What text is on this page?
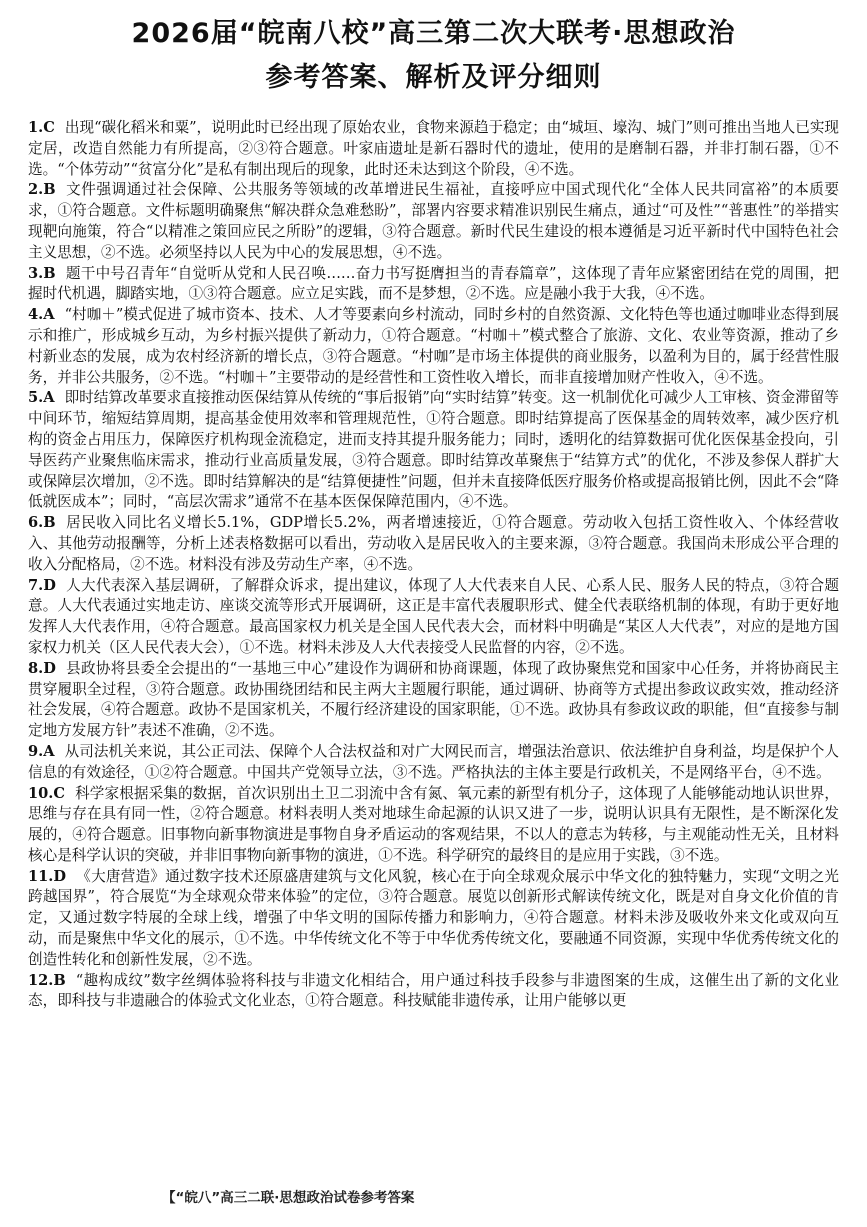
2026届“皖南八校”高三第二次大联考·思想政治
参考答案、解析及评分细则

1.C 出现“碳化稻米和粟”，说明此时已经出现了原始农业，食物来源趋于稳定；由“城垣、壕沟、城门”则可推出当地人已实现定居，改造自然能力有所提高，②③符合题意。叶家庙遗址是新石器时代的遗址，使用的是磨制石器，并非打制石器，①不选。“个体劳动”“贫富分化”是私有制出现后的现象，此时还未达到这个阶段，④不选。

2.B 文件强调通过社会保障、公共服务等领域的改革增进民生福祉，直接呼应中国式现代化“全体人民共同富裕”的本质要求，①符合题意。文件标题明确聚焦“解决群众急难愁盼”，部署内容要求精准识别民生痛点，通过“可及性”“普惠性”的举措实现靶向施策，符合“以精准之策回应民之所盼”的逻辑，③符合题意。新时代民生建设的根本遵循是习近平新时代中国特色社会主义思想，②不选。必须坚持以人民为中心的发展思想，④不选。

3.B 题干中号召青年“自觉听从党和人民召唤……奋力书写挺膺担当的青春篇章”，这体现了青年应紧密团结在党的周围，把握时代机遇，脚踏实地，①③符合题意。应立足实践，而不是梦想，②不选。应是融小我于大我，④不选。

4.A “村咖＋”模式促进了城市资本、技术、人才等要素向乡村流动，同时乡村的自然资源、文化特色等也通过咖啡业态得到展示和推广，形成城乡互动，为乡村振兴提供了新动力，①符合题意。“村咖＋”模式整合了旅游、文化、农业等资源，推动了乡村新业态的发展，成为农村经济新的增长点，③符合题意。“村咖”是市场主体提供的商业服务，以盈利为目的，属于经营性服务，并非公共服务，②不选。“村咖＋”主要带动的是经营性和工资性收入增长，而非直接增加财产性收入，④不选。

5.A 即时结算改革要求直接推动医保结算从传统的“事后报销”向“实时结算”转变。这一机制优化可减少人工审核、资金滞留等中间环节，缩短结算周期，提高基金使用效率和管理规范性，①符合题意。即时结算提高了医保基金的周转效率，减少医疗机构的资金占用压力，保障医疗机构现金流稳定，进而支持其提升服务能力；同时，透明化的结算数据可优化医保基金投向，引导医药产业聚焦临床需求，推动行业高质量发展，③符合题意。即时结算改革聚焦于“结算方式”的优化，不涉及参保人群扩大或保障层次增加，②不选。即时结算解决的是“结算便捷性”问题，但并未直接降低医疗服务价格或提高报销比例，因此不会“降低就医成本”；同时，“高层次需求”通常不在基本医保保障范围内，④不选。

6.B 居民收入同比名义增长5.1%，GDP增长5.2%，两者增速接近，①符合题意。劳动收入包括工资性收入、个体经营收入、其他劳动报酬等，分析上述表格数据可以看出，劳动收入是居民收入的主要来源，③符合题意。我国尚未形成公平合理的收入分配格局，②不选。材料没有涉及劳动生产率，④不选。

7.D 人大代表深入基层调研，了解群众诉求，提出建议，体现了人大代表来自人民、心系人民、服务人民的特点，③符合题意。人大代表通过实地走访、座谈交流等形式开展调研，这正是丰富代表履职形式、健全代表联络机制的体现，有助于更好地发挥人大代表作用，④符合题意。最高国家权力机关是全国人民代表大会，而材料中明确是“某区人大代表”，对应的是地方国家权力机关（区人民代表大会），①不选。材料未涉及人大代表接受人民监督的内容，②不选。

8.D 县政协将县委全会提出的“一基地三中心”建设作为调研和协商课题，体现了政协聚焦党和国家中心任务，并将协商民主贯穿履职全过程，③符合题意。政协围绕团结和民主两大主题履行职能，通过调研、协商等方式提出参政议政实效，推动经济社会发展，④符合题意。政协不是国家机关，不履行经济建设的国家职能，①不选。政协具有参政议政的职能，但“直接参与制定地方发展方针”表述不准确，②不选。

9.A 从司法机关来说，其公正司法、保障个人合法权益和对广大网民而言，增强法治意识、依法维护自身利益，均是保护个人信息的有效途径，①②符合题意。中国共产党领导立法，③不选。严格执法的主体主要是行政机关，不是网络平台，④不选。

10.C 科学家根据采集的数据，首次识别出土卫二羽流中含有氮、氧元素的新型有机分子，这体现了人能够能动地认识世界，思维与存在具有同一性，②符合题意。材料表明人类对地球生命起源的认识又进了一步，说明认识具有无限性，是不断深化发展的，④符合题意。旧事物向新事物演进是事物自身矛盾运动的客观结果，不以人的意志为转移，与主观能动性无关，且材料核心是科学认识的突破，并非旧事物向新事物的演进，①不选。科学研究的最终目的是应用于实践，③不选。

11.D 《大唐营造》通过数字技术还原盛唐建筑与文化风貌，核心在于向全球观众展示中华文化的独特魅力，实现“文明之光跨越国界”，符合展览“为全球观众带来体验”的定位，③符合题意。展览以创新形式解读传统文化，既是对自身文化价值的肯定，又通过数字特展的全球上线，增强了中华文明的国际传播力和影响力，④符合题意。材料未涉及吸收外来文化或双向互动，而是聚焦中华文化的展示，①不选。中华传统文化不等于中华优秀传统文化，要融通不同资源，实现中华优秀传统文化的创造性转化和创新性发展，②不选。

12.B “趣构成纹”数字丝绸体验将科技与非遗文化相结合，用户通过科技手段参与非遗图案的生成，这催生出了新的文化业态，即科技与非遗融合的体验式文化业态，①符合题意。科技赋能非遗传承，让用户能够以更

【“皖八”高三二联·思想政治试卷参考答案
